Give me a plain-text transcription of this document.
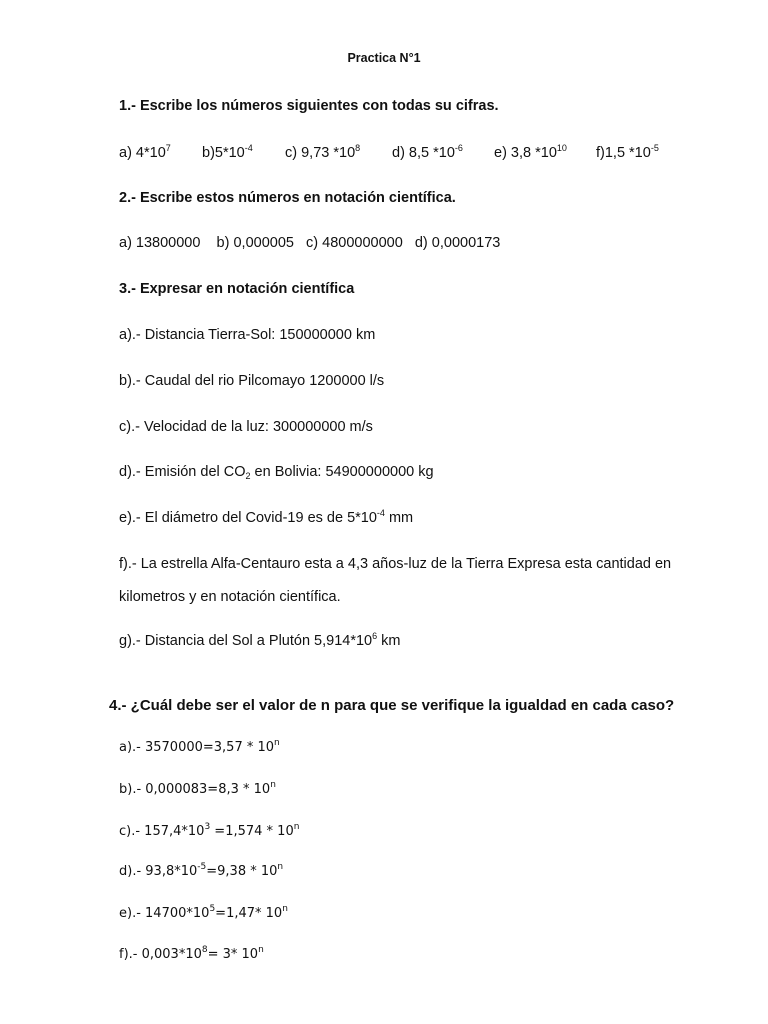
Practica N°1
1.- Escribe los números siguientes con todas su cifras.
a) $4*10^7$ $b)5*10^{-4}$ c) 9,73 $*10^8$ d) 8,5 $*10^{-6}$ e) 3,8 $*10^{10}$ f)1,5 $*10^{-5}$
2.- Escribe estos números en notación científica.
a) 13800000    b) 0,000005   c) 4800000000   d) 0,0000173
3.- Expresar en notación científica
a).- Distancia Tierra-Sol: 150000000 km
b).- Caudal del rio Pilcomayo 1200000 l/s
c).- Velocidad de la luz: 300000000 m/s
d).- Emisión del $CO_2$ en Bolivia: 54900000000 kg
e).- El diámetro del Covid-19 es de $5*10^{-4}$ mm
f).- La estrella Alfa-Centauro esta a 4,3 años-luz de la Tierra Expresa esta cantidad en
kilometros y en notación científica.
g).- Distancia del Sol a Plutón $5,914*10^6$ km
4.- ¿Cuál debe ser el valor de n para que se verifique la igualdad en cada caso?
a).- 3570000=3,57 * 10$^n$
b).- 0,000083=8,3 * 10$^n$
c).- $157,4*10^3 =1,574 * 10^n$
d).- $93,8*10^{-5}=9,38 * 10^n$
e).- $14700*10^5=1,47*$ 10$^n$
f).- $0,003*10^8= 3*$ 10$^n$
